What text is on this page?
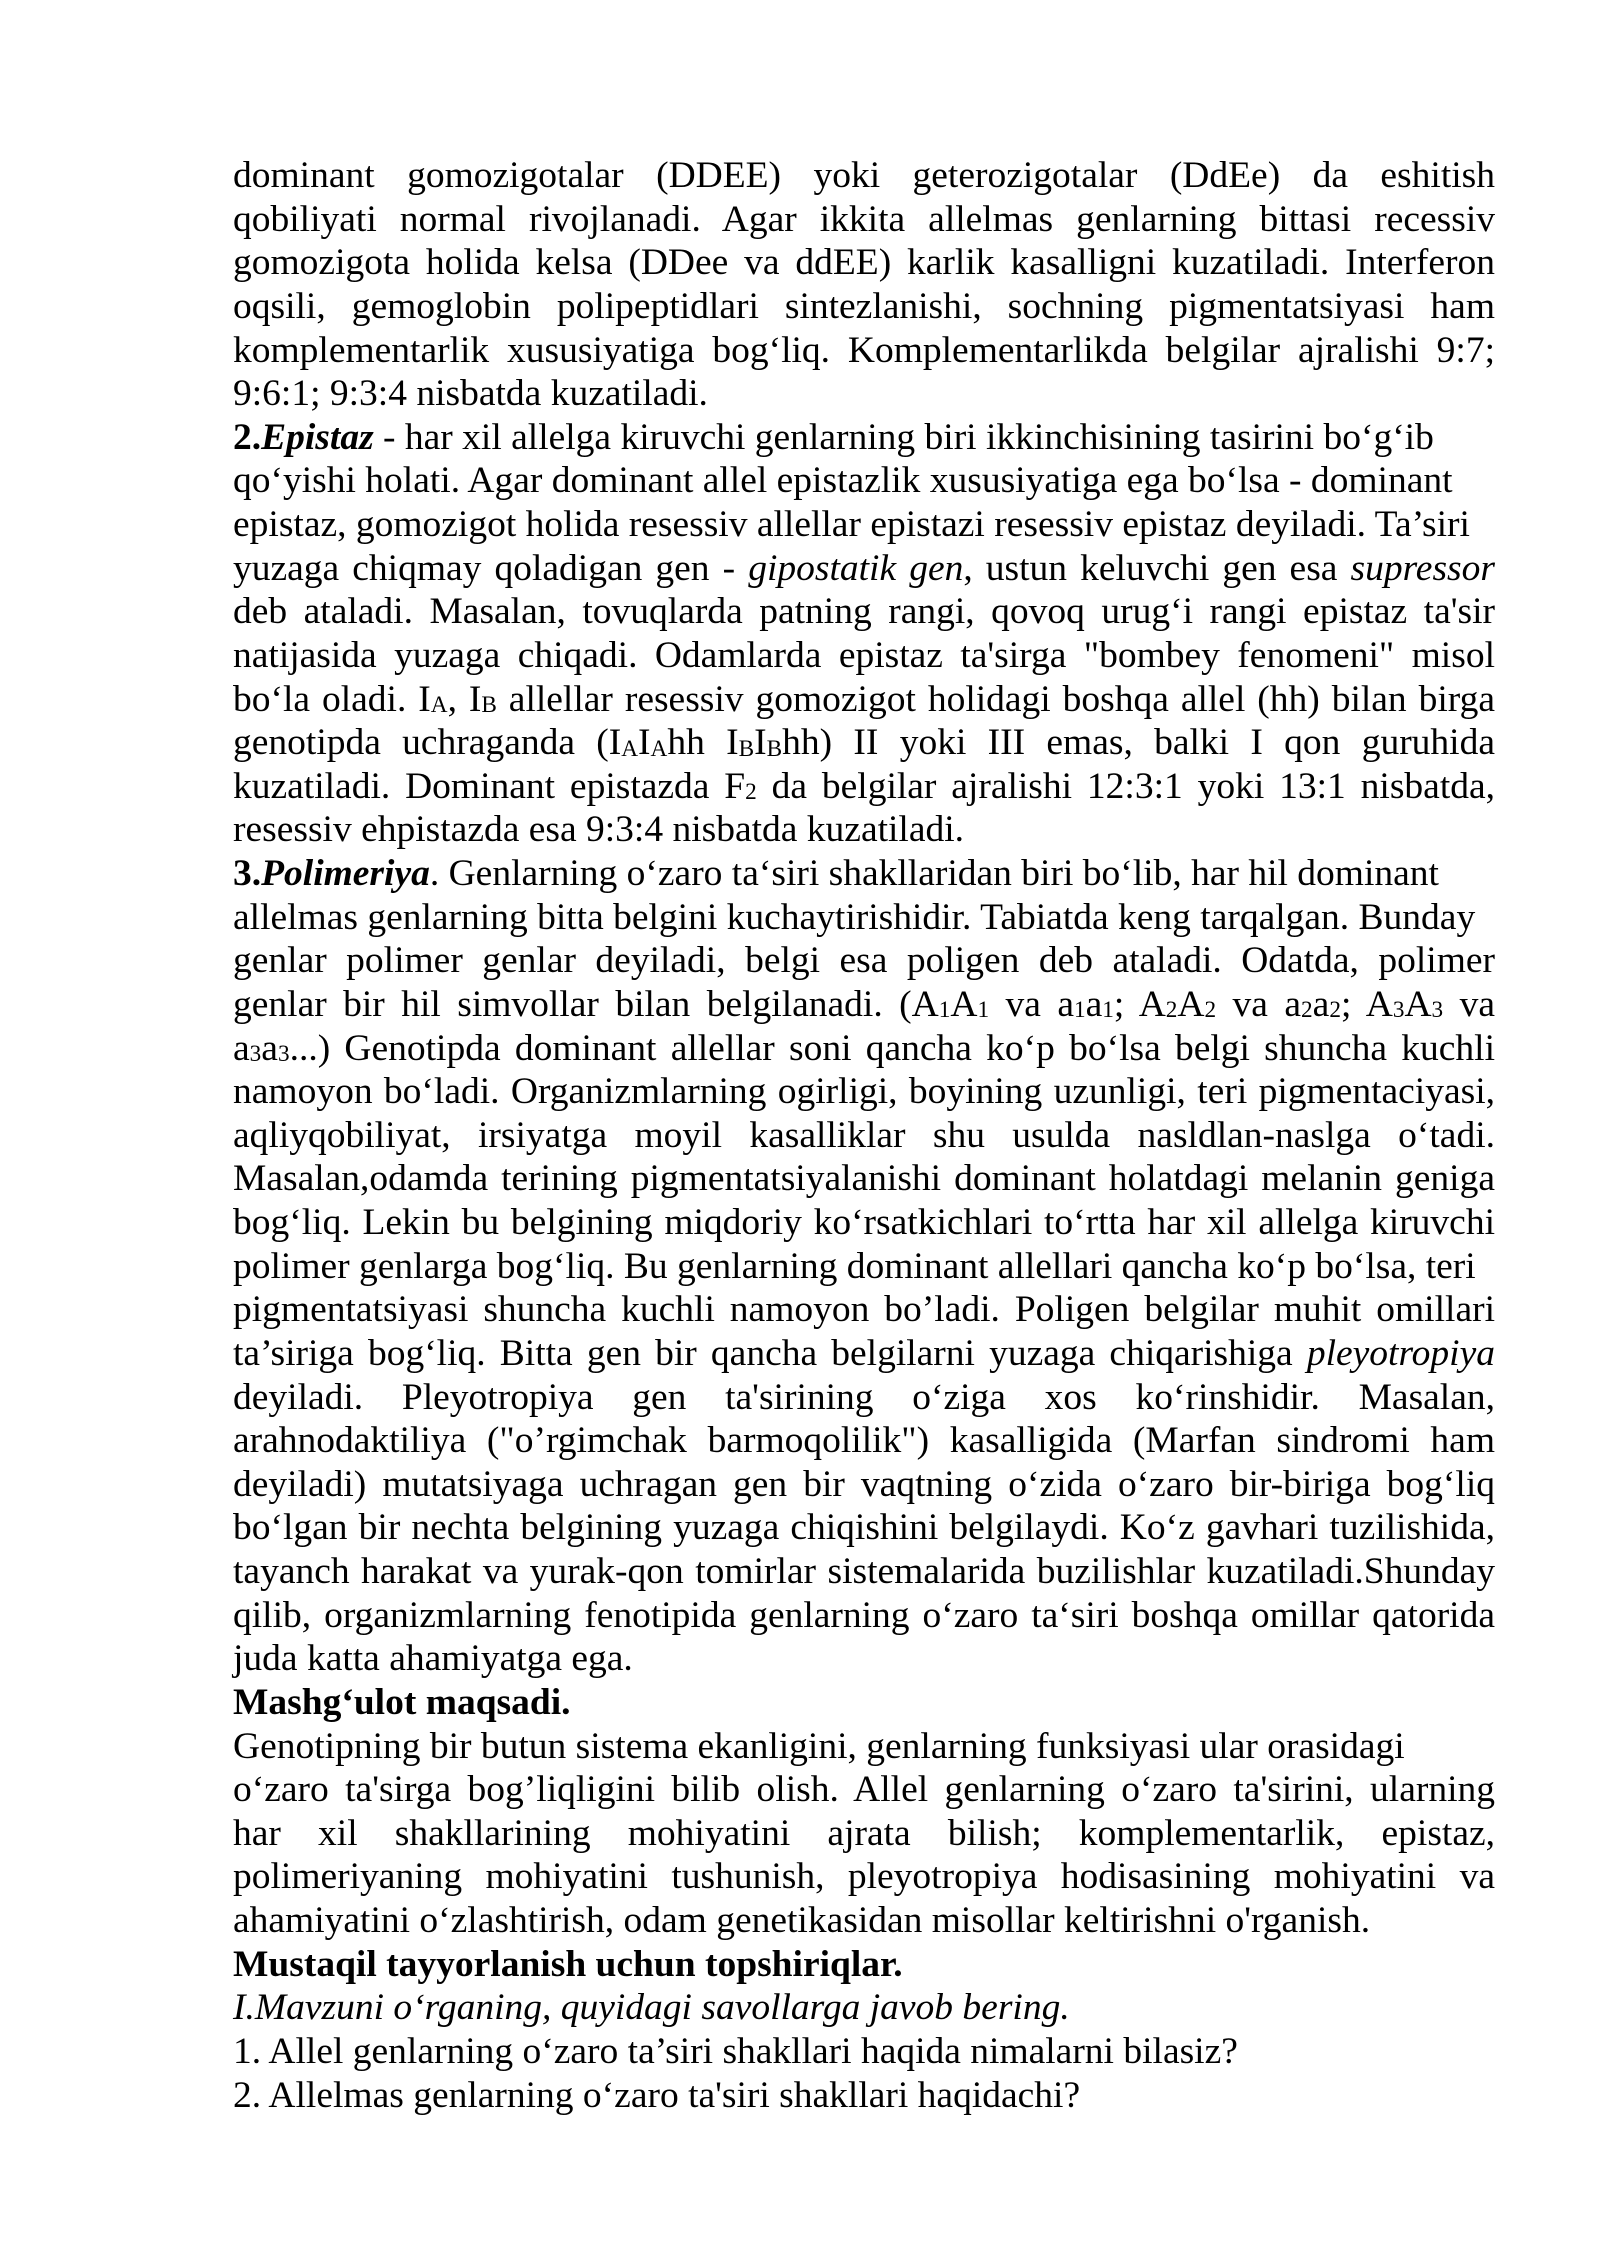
dominant gomozigotalar (DDEE) yoki geterozigotalar (DdEe) da eshitish
qobiliyati normal rivojlanadi. Agar ikkita allelmas genlarning bittasi recessiv
gomozigota holida kelsa (DDee va ddEE) karlik kasalligni kuzatiladi. Interferon
oqsili, gemoglobin polipeptidlari sintezlanishi, sochning pigmentatsiyasi ham
komplementarlik xususiyatiga bog‘liq. Komplementarlikda belgilar ajralishi 9:7;
9:6:1; 9:3:4 nisbatda kuzatiladi.
2.Epistaz - har xil allelga kiruvchi genlarning biri ikkinchisining tasirini bo‘g‘ib
qo‘yishi holati. Agar dominant allel epistazlik xususiyatiga ega bo‘lsa - dominant
epistaz, gomozigot holida resessiv allellar epistazi resessiv epistaz deyiladi. Ta’siri
yuzaga chiqmay qoladigan gen - gipostatik gen, ustun keluvchi gen esa supressor
deb ataladi. Masalan, tovuqlarda patning rangi, qovoq urug‘i rangi epistaz ta'sir
natijasida yuzaga chiqadi. Odamlarda epistaz ta'sirga "bombey fenomeni" misol
bo‘la oladi. IA, IB allellar resessiv gomozigot holidagi boshqa allel (hh) bilan birga
genotipda uchraganda (IAIAhh IBIBhh) II yoki III emas, balki I qon guruhida
kuzatiladi. Dominant epistazda F2 da belgilar ajralishi 12:3:1 yoki 13:1 nisbatda,
resessiv ehpistazda esa 9:3:4 nisbatda kuzatiladi.
3.Polimeriya. Genlarning o‘zaro ta‘siri shakllaridan biri bo‘lib, har hil dominant
allelmas genlarning bitta belgini kuchaytirishidir. Tabiatda keng tarqalgan. Bunday
genlar polimer genlar deyiladi, belgi esa poligen deb ataladi. Odatda, polimer
genlar bir hil simvollar bilan belgilanadi. (A1A1 va a1a1; A2A2 va a2a2; A3A3 va
a3a3...) Genotipda dominant allellar soni qancha ko‘p bo‘lsa belgi shuncha kuchli
namoyon bo‘ladi. Organizmlarning ogirligi, boyining uzunligi, teri pigmentaciyasi,
aqliyqobiliyat, irsiyatga moyil kasalliklar shu usulda nasldlan-naslga o‘tadi.
Masalan,odamda terining pigmentatsiyalanishi dominant holatdagi melanin geniga
bog‘liq. Lekin bu belgining miqdoriy ko‘rsatkichlari to‘rtta har xil allelga kiruvchi
polimer genlarga bog‘liq. Bu genlarning dominant allellari qancha ko‘p bo‘lsa, teri
pigmentatsiyasi shuncha kuchli namoyon bo’ladi. Poligen belgilar muhit omillari
ta’siriga bog‘liq. Bitta gen bir qancha belgilarni yuzaga chiqarishiga pleyotropiya
deyiladi. Pleyotropiya gen ta'sirining o‘ziga xos ko‘rinshidir. Masalan,
arahnodaktiliya ("o’rgimchak barmoqolilik") kasalligida (Marfan sindromi ham
deyiladi) mutatsiyaga uchragan gen bir vaqtning o‘zida o‘zaro bir-biriga bog‘liq
bo‘lgan bir nechta belgining yuzaga chiqishini belgilaydi. Ko‘z gavhari tuzilishida,
tayanch harakat va yurak-qon tomirlar sistemalarida buzilishlar kuzatiladi.Shunday
qilib, organizmlarning fenotipida genlarning o‘zaro ta‘siri boshqa omillar qatorida
juda katta ahamiyatga ega.
Mashg‘ulot maqsadi.
Genotipning bir butun sistema ekanligini, genlarning funksiyasi ular orasidagi
o‘zaro ta'sirga bog’liqligini bilib olish. Allel genlarning o‘zaro ta'sirini, ularning
har xil shakllarining mohiyatini ajrata bilish; komplementarlik, epistaz,
polimeriyaning mohiyatini tushunish, pleyotropiya hodisasining mohiyatini va
ahamiyatini o‘zlashtirish, odam genetikasidan misollar keltirishni o'rganish.
Mustaqil tayyorlanish uchun topshiriqlar.
I.Mavzuni o‘rganing, quyidagi savollarga javob bering.
1. Allel genlarning o‘zaro ta’siri shakllari haqida nimalarni bilasiz?
2. Allelmas genlarning o‘zaro ta'siri shakllari haqidachi?
